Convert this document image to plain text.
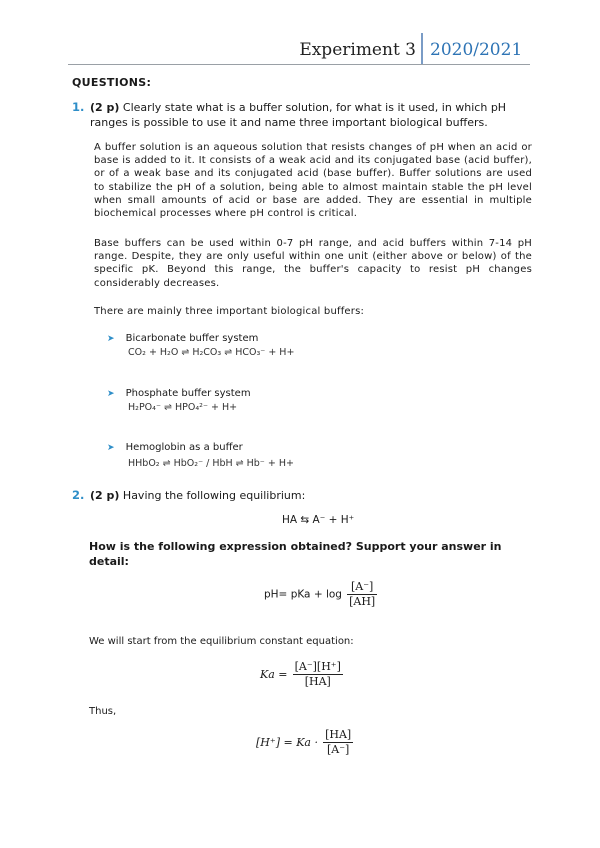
Experiment 3 2020/2021
QUESTIONS:
1. (2 p) Clearly state what is a buffer solution, for what is it used, in which pH ranges is possible to use it and name three important biological buffers.
A buffer solution is an aqueous solution that resists changes of pH when an acid or base is added to it. It consists of a weak acid and its conjugated base (acid buffer), or of a weak base and its conjugated acid (base buffer). Buffer solutions are used to stabilize the pH of a solution, being able to almost maintain stable the pH level when small amounts of acid or base are added. They are essential in multiple biochemical processes where pH control is critical.
Base buffers can be used within 0-7 pH range, and acid buffers within 7-14 pH range. Despite, they are only useful within one unit (either above or below) of the specific pK. Beyond this range, the buffer's capacity to resist pH changes considerably decreases.
There are mainly three important biological buffers:
➤ Bicarbonate buffer system
CO₂ + H₂O ⇌ H₂CO₃ ⇌ HCO₃⁻ + H+
➤ Phosphate buffer system
H₂PO₄⁻ ⇌ HPO₄²⁻ + H+
➤ Hemoglobin as a buffer
HHbO₂ ⇌ HbO₂⁻ / HbH ⇌ Hb⁻ + H+
2. (2 p) Having the following equilibrium:
HA ⇆ A⁻ + H⁺
How is the following expression obtained? Support your answer in detail:
pH= pKa + $\log \frac{[A^-]}{[AH]}$
We will start from the equilibrium constant equation:
$Ka = \frac{[A^-][H^+]}{[HA]}$
Thus,
$[H^+] = Ka \cdot \frac{[HA]}{[A^-]}$
